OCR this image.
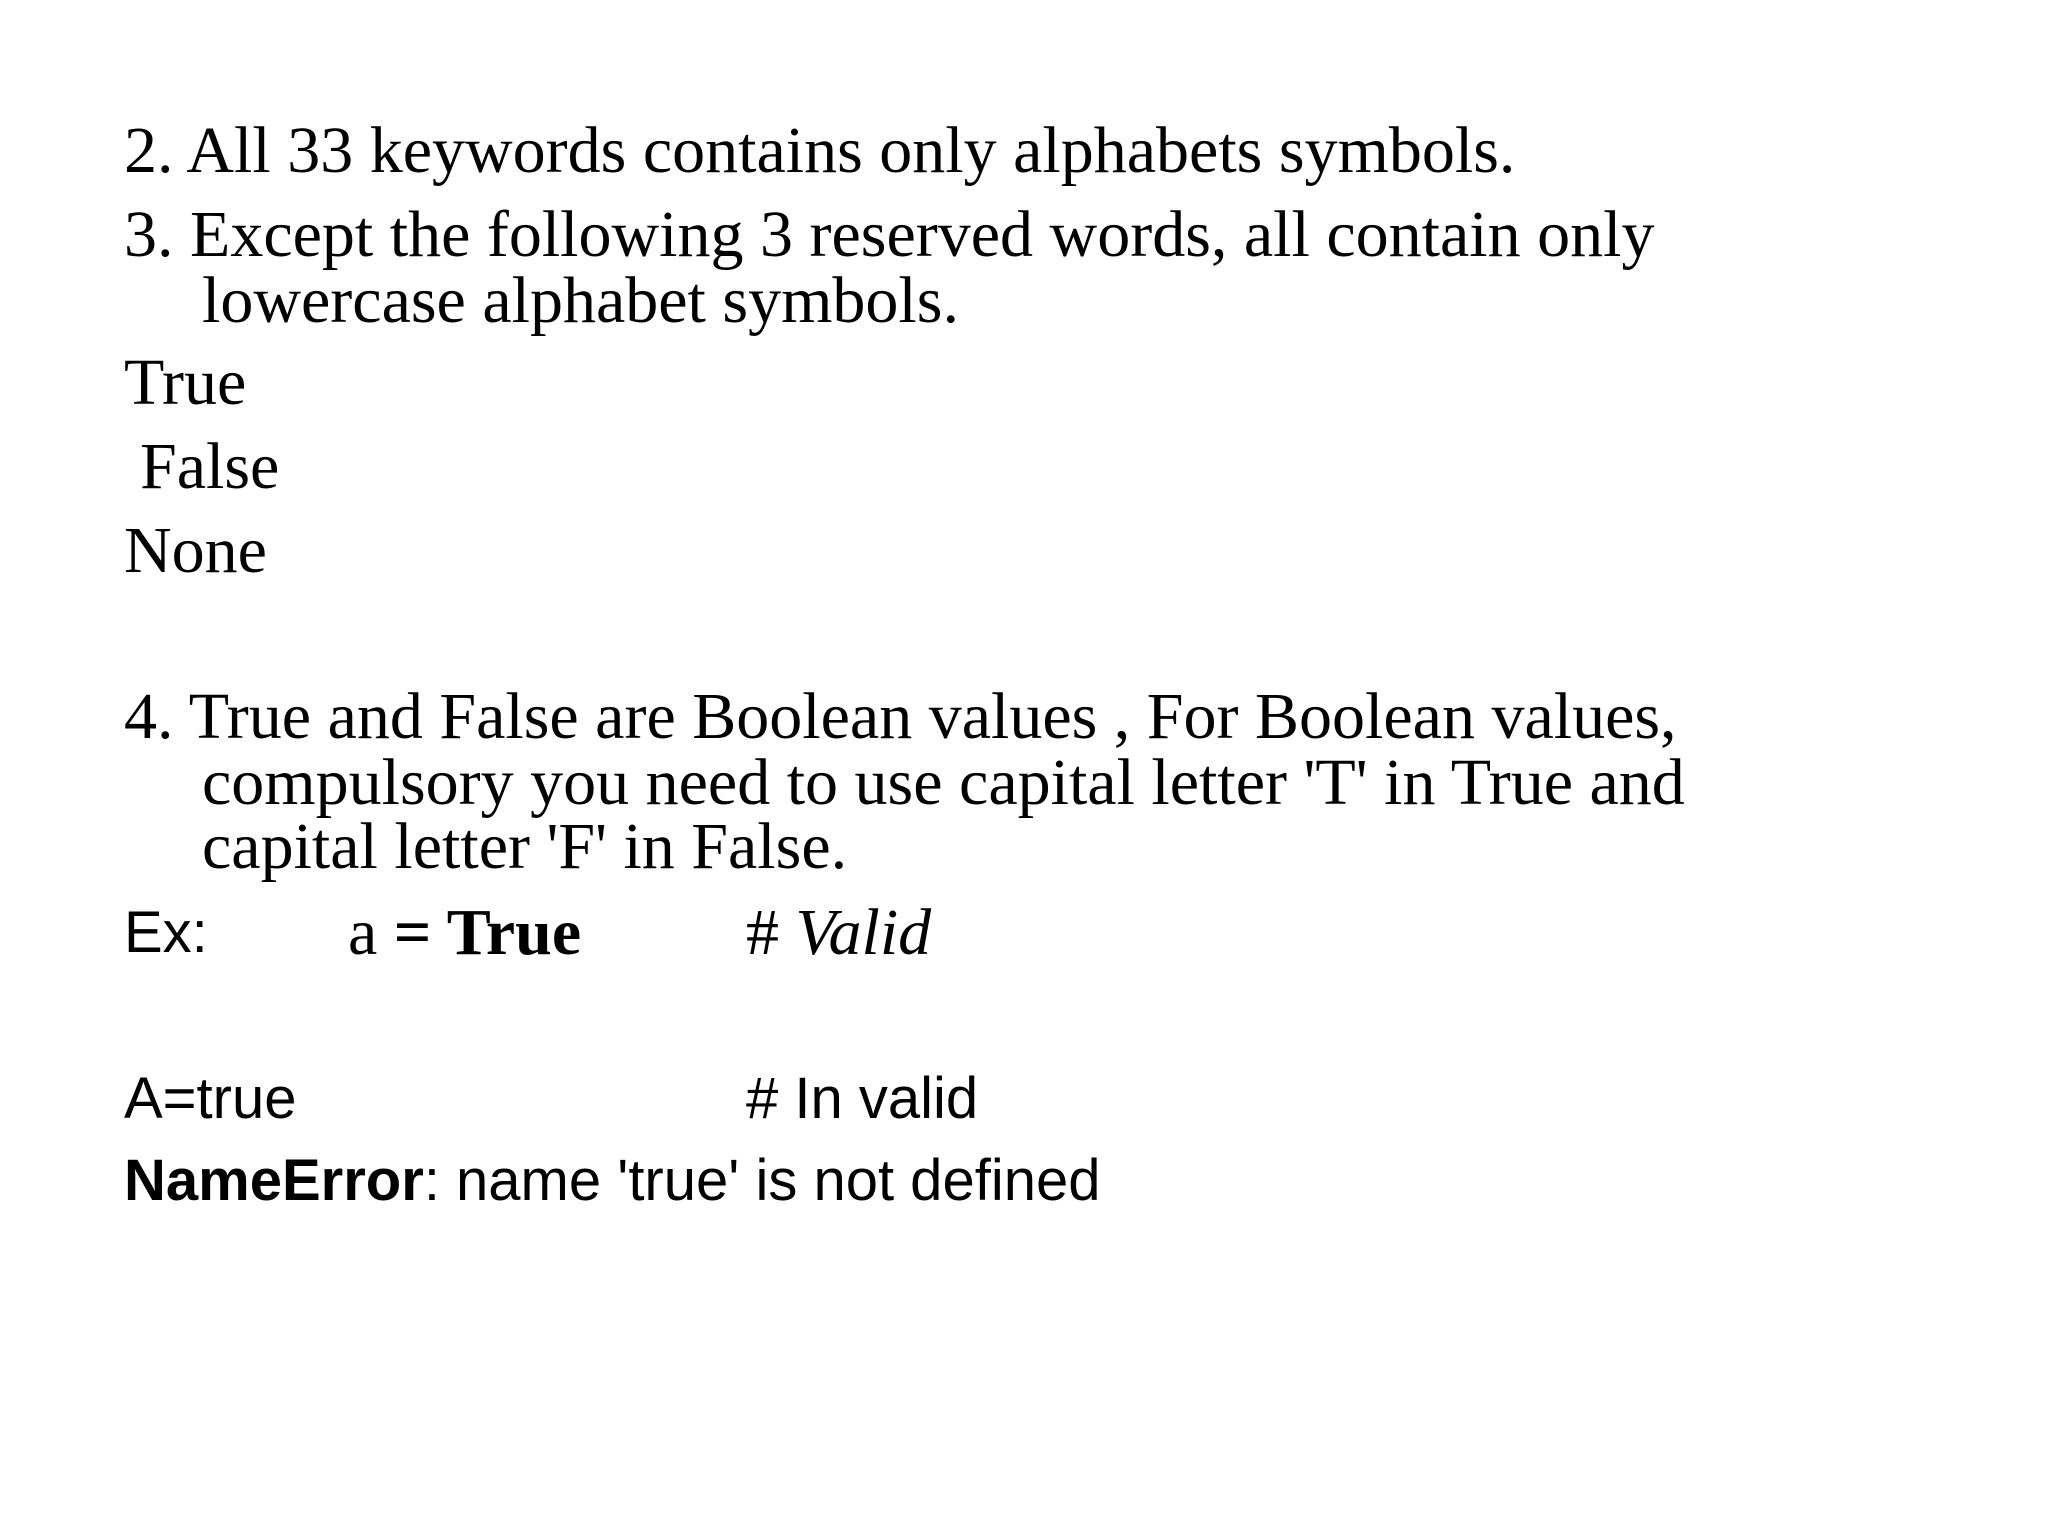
2. All 33 keywords contains only alphabets symbols.
3. Except the following 3 reserved words, all contain only
lowercase alphabet symbols.
True
False
None
4. True and False are Boolean values , For Boolean values,
compulsory you need to use capital letter 'T' in True and
capital letter 'F' in False.
Ex: a = True # Valid
A=true	# In valid
NameError: name 'true' is not defined
